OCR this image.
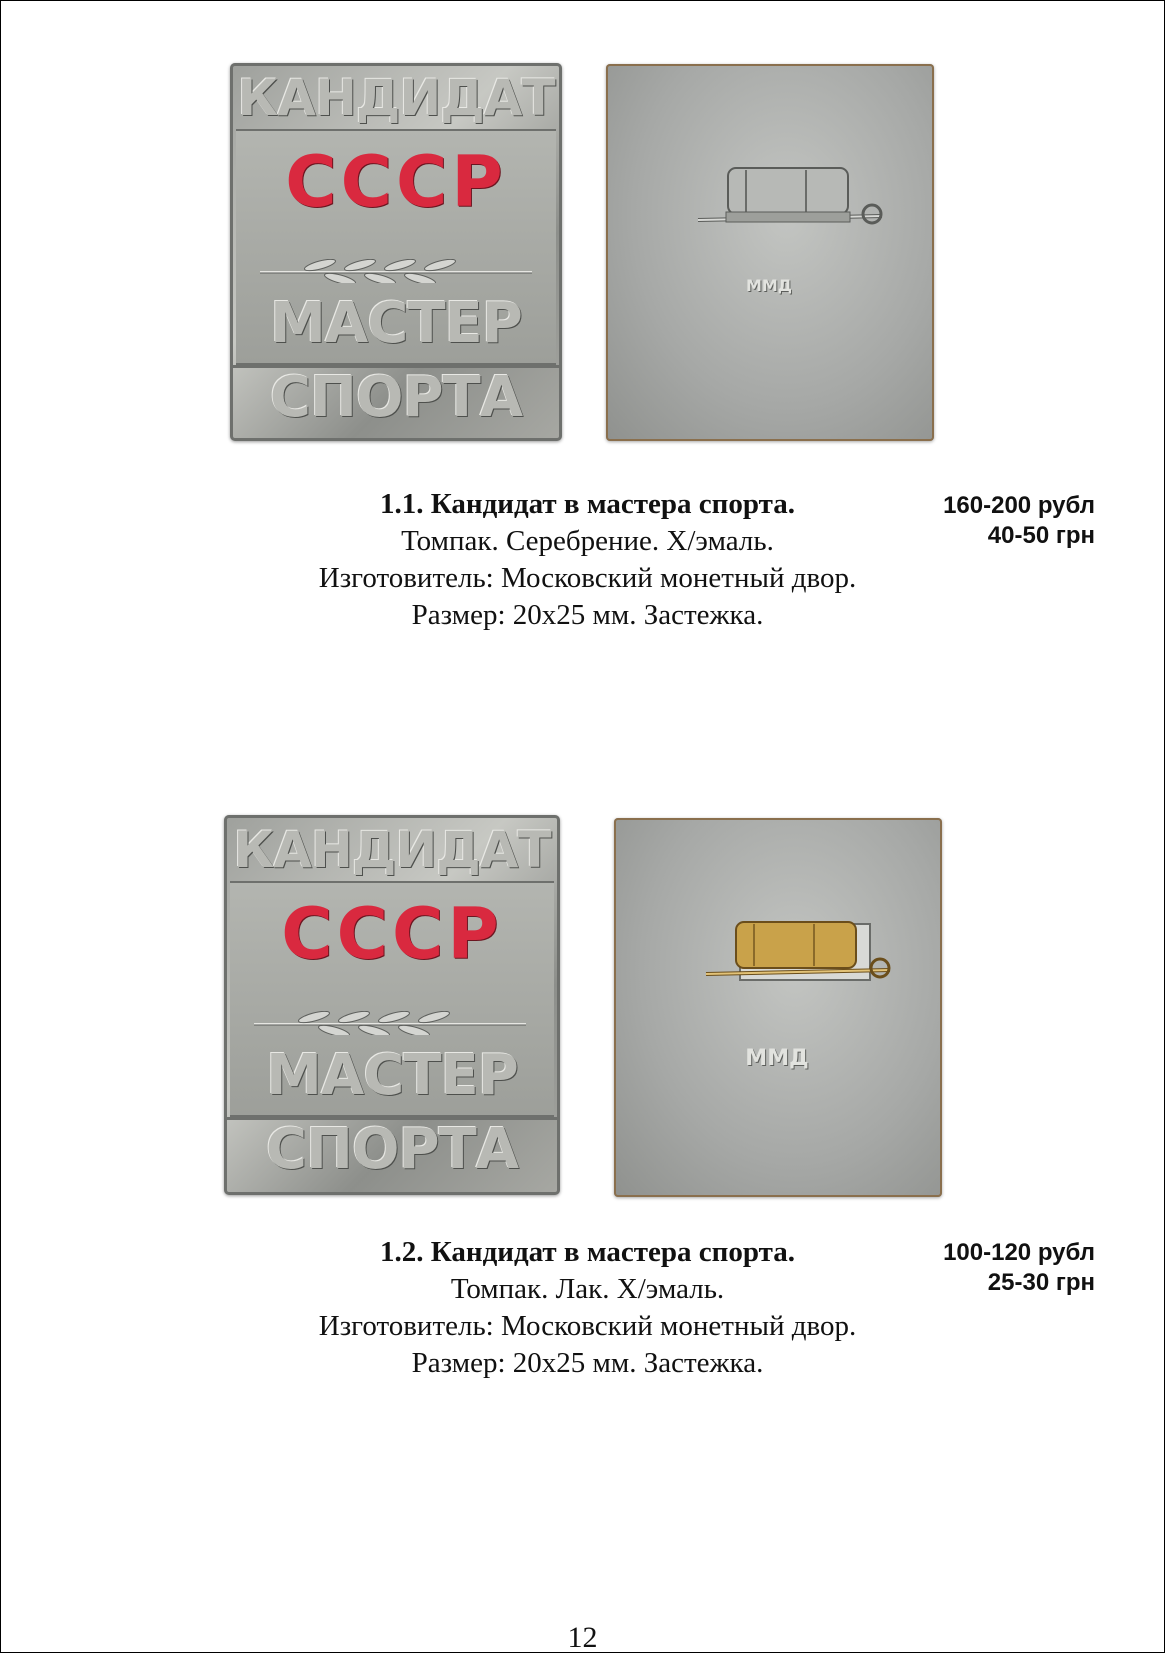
КАНДИДАТ
СССР
МАСТЕР
СПОРТА
ММД
1.1. Кандидат в мастера спорта.
Томпак. Серебрение. Х/эмаль.
Изготовитель: Московский монетный двор.
Размер: 20x25 мм. Застежка.
160-200 рубл
40-50 грн
КАНДИДАТ
СССР
МАСТЕР
СПОРТА
ММД
1.2. Кандидат в мастера спорта.
Томпак. Лак. Х/эмаль.
Изготовитель: Московский монетный двор.
Размер: 20x25 мм. Застежка.
100-120 рубл
25-30 грн
12
